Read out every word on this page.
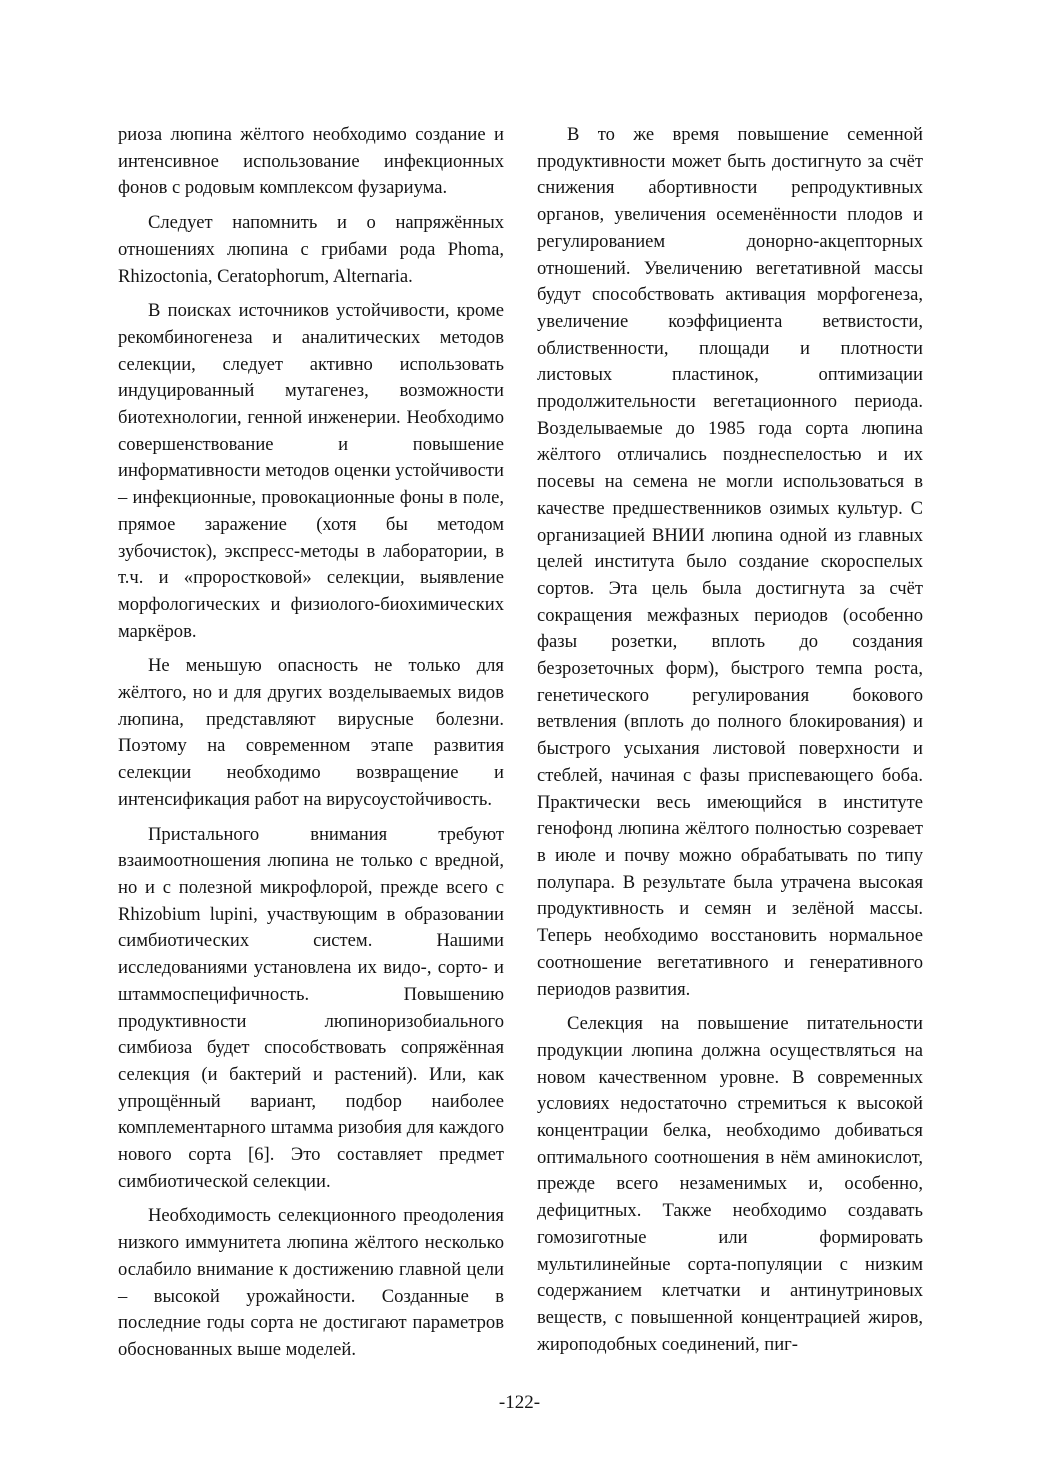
риоза люпина жёлтого необходимо создание и интенсивное использование инфекционных фонов с родовым комплексом фузариума.

Следует напомнить и о напряжённых отношениях люпина с грибами рода Phoma, Rhizoctonia, Ceratophorum, Alternaria.

В поисках источников устойчивости, кроме рекомбиногенеза и аналитических методов селекции, следует активно использовать индуцированный мутагенез, возможности биотехнологии, генной инженерии. Необходимо совершенствование и повышение информативности методов оценки устойчивости – инфекционные, провокационные фоны в поле, прямое заражение (хотя бы методом зубочисток), экспресс-методы в лаборатории, в т.ч. и «проростковой» селекции, выявление морфологических и физиолого-биохимических маркёров.

Не меньшую опасность не только для жёлтого, но и для других возделываемых видов люпина, представляют вирусные болезни. Поэтому на современном этапе развития селекции необходимо возвращение и интенсификация работ на вирусоустойчивость.

Пристального внимания требуют взаимоотношения люпина не только с вредной, но и с полезной микрофлорой, прежде всего с Rhizobium lupini, участвующим в образовании симбиотических систем. Нашими исследованиями установлена их видо-, сорто- и штаммоспецифичность. Повышению продуктивности люпиноризобиального симбиоза будет способствовать сопряжённая селекция (и бактерий и растений). Или, как упрощённый вариант, подбор наиболее комплементарного штамма ризобия для каждого нового сорта [6]. Это составляет предмет симбиотической селекции.

Необходимость селекционного преодоления низкого иммунитета люпина жёлтого несколько ослабило внимание к достижению главной цели – высокой урожайности. Созданные в последние годы сорта не достигают параметров обоснованных выше моделей.

В то же время повышение семенной продуктивности может быть достигнуто за счёт снижения абортивности репродуктивных органов, увеличения осеменённости плодов и регулированием донорно-акцепторных отношений. Увеличению вегетативной массы будут способствовать активация морфогенеза, увеличение коэффициента ветвистости, облиственности, площади и плотности листовых пластинок, оптимизации продолжительности вегетационного периода. Возделываемые до 1985 года сорта люпина жёлтого отличались позднеспелостью и их посевы на семена не могли использоваться в качестве предшественников озимых культур. С организацией ВНИИ люпина одной из главных целей института было создание скороспелых сортов. Эта цель была достигнута за счёт сокращения межфазных периодов (особенно фазы розетки, вплоть до создания безрозеточных форм), быстрого темпа роста, генетического регулирования бокового ветвления (вплоть до полного блокирования) и быстрого усыхания листовой поверхности и стеблей, начиная с фазы приспевающего боба. Практически весь имеющийся в институте генофонд люпина жёлтого полностью созревает в июле и почву можно обрабатывать по типу полупара. В результате была утрачена высокая продуктивность и семян и зелёной массы. Теперь необходимо восстановить нормальное соотношение вегетативного и генеративного периодов развития.

Селекция на повышение питательности продукции люпина должна осуществляться на новом качественном уровне. В современных условиях недостаточно стремиться к высокой концентрации белка, необходимо добиваться оптимального соотношения в нём аминокислот, прежде всего незаменимых и, особенно, дефицитных. Также необходимо создавать гомозиготные или формировать мультилинейные сорта-популяции с низким содержанием клетчатки и антинутриновых веществ, с повышенной концентрацией жиров, жироподобных соединений, пиг-

-122-
